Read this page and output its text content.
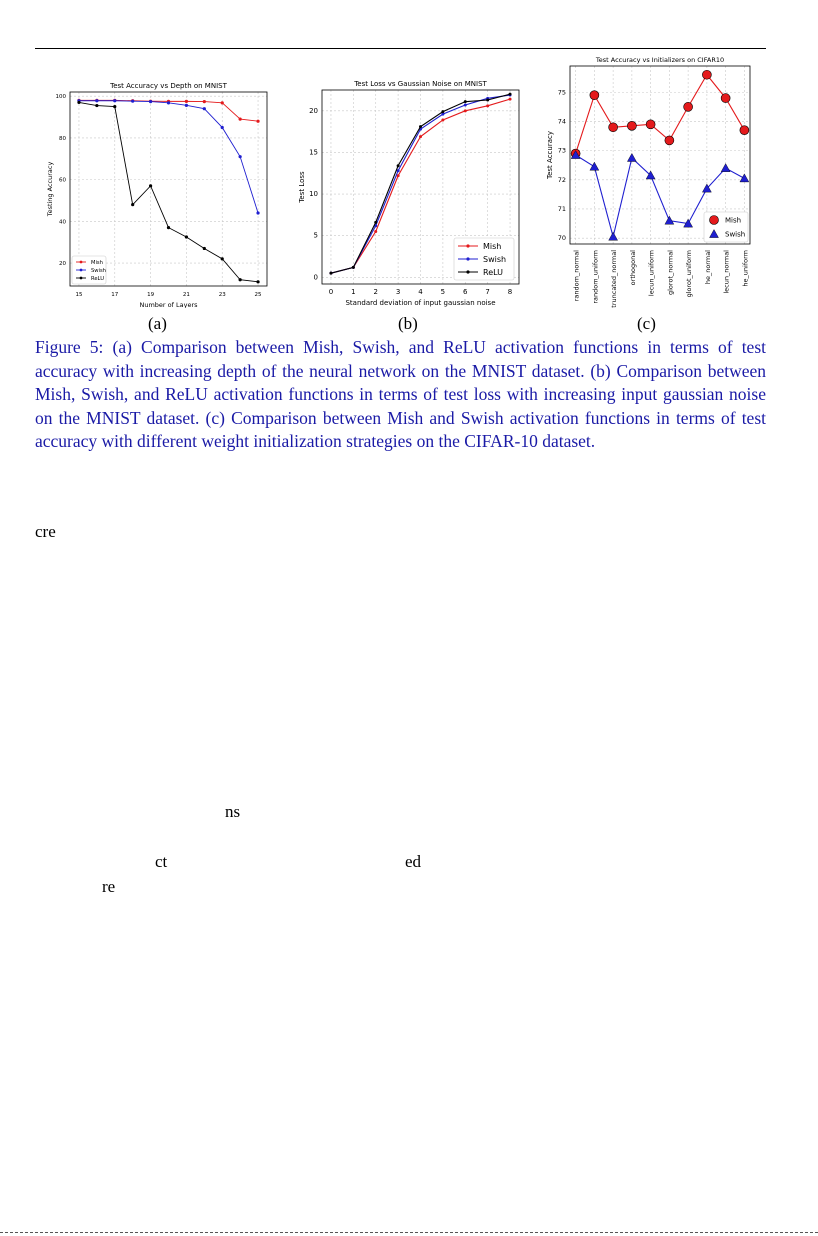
Test Accuracy vs Depth on MNIST
20
40
60
80
100
15	17	19	21	23	25
Number of Layers
Testing Accuracy
Mish
Swish
ReLU
Test Loss vs Gaussian Noise on MNIST
0
5
10
15
20
0	1	2	3	4	5	6	7	8
Standard deviation of input gaussian noise
Test Loss
Mish
Swish
ReLU
Test Accuracy vs Initializers on CIFAR10
70
71
72
73
74
75
random_normal random_uniform truncated_normal orthogonal lecun_uniform glorot_normal glorot_uniform he_normal lecun_normal he_uniform
Test Accuracy
Mish
Swish
(a)	(b)	(c)
Figure 5: (a) Comparison between Mish, Swish, and ReLU activation functions in terms of test accuracy with increasing depth of the neural network on the MNIST dataset. (b) Comparison between Mish, Swish, and ReLU activation functions in terms of test loss with increasing input gaussian noise on the MNIST dataset. (c) Comparison between Mish and Swish activation functions in terms of test accuracy with different weight initialization strategies on the CIFAR-10 dataset.
cre
ns
ct	ed
re
